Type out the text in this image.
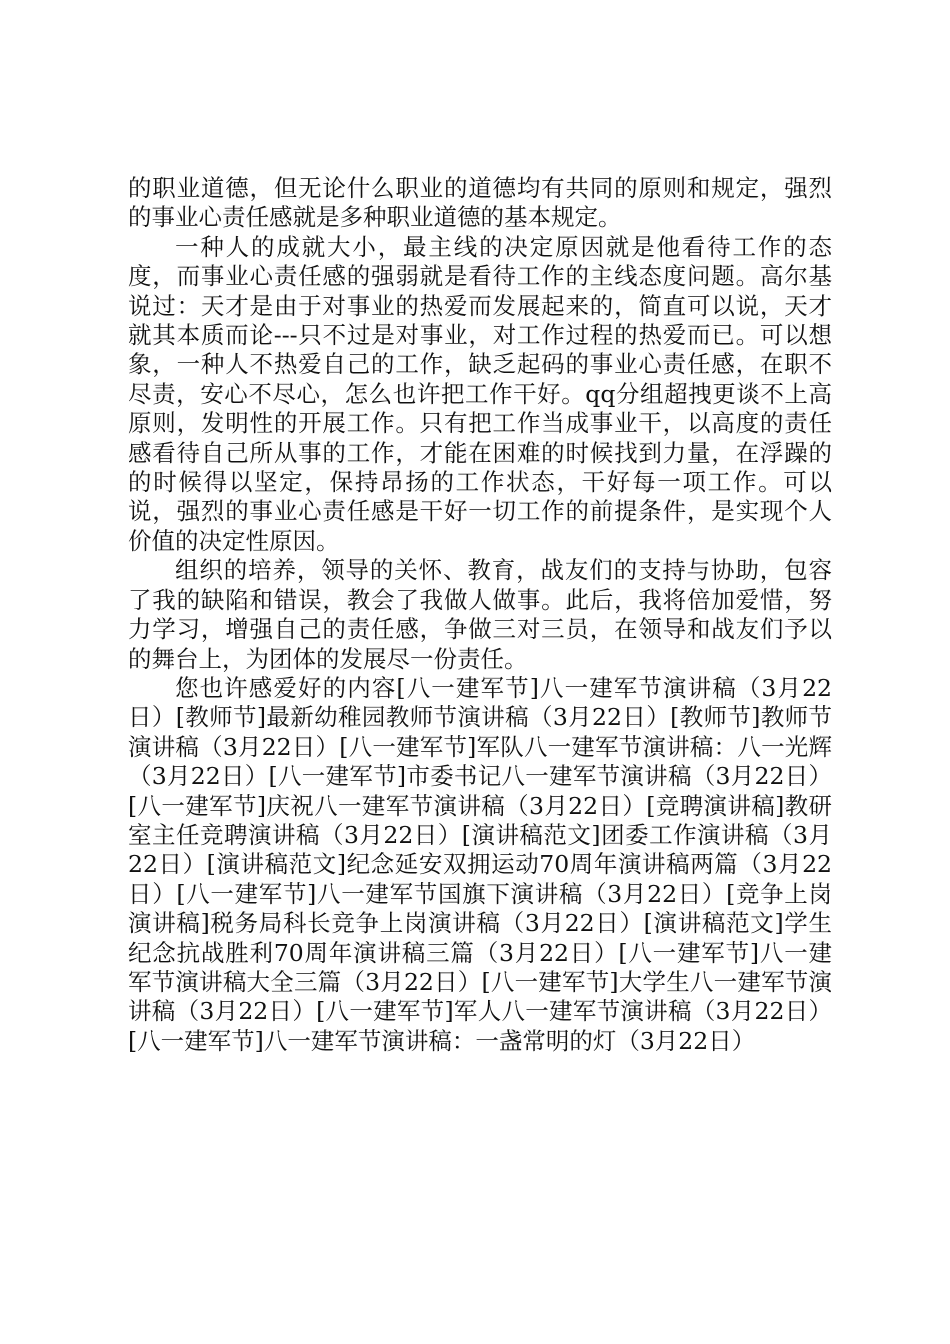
的职业道德，但无论什么职业的道德均有共同的原则和规定，强烈的事业心责任感就是多种职业道德的基本规定。

一种人的成就大小，最主线的决定原因就是他看待工作的态度，而事业心责任感的强弱就是看待工作的主线态度问题。高尔基说过：天才是由于对事业的热爱而发展起来的，简直可以说，天才就其本质而论---只不过是对事业，对工作过程的热爱而已。可以想象，一种人不热爱自己的工作，缺乏起码的事业心责任感，在职不尽责，安心不尽心，怎么也许把工作干好。qq分组超拽更谈不上高原则，发明性的开展工作。只有把工作当成事业干，以高度的责任感看待自己所从事的工作，才能在困难的时候找到力量，在浮躁的的时候得以坚定，保持昂扬的工作状态，干好每一项工作。可以说，强烈的事业心责任感是干好一切工作的前提条件，是实现个人价值的决定性原因。

组织的培养，领导的关怀、教育，战友们的支持与协助，包容了我的缺陷和错误，教会了我做人做事。此后，我将倍加爱惜，努力学习，增强自己的责任感，争做三对三员，在领导和战友们予以的舞台上，为团体的发展尽一份责任。

您也许感爱好的内容[八一建军节]八一建军节演讲稿（3月22日）[教师节]最新幼稚园教师节演讲稿（3月22日）[教师节]教师节演讲稿（3月22日）[八一建军节]军队八一建军节演讲稿：八一光辉（3月22日）[八一建军节]市委书记八一建军节演讲稿（3月22日）[八一建军节]庆祝八一建军节演讲稿（3月22日）[竞聘演讲稿]教研室主任竞聘演讲稿（3月22日）[演讲稿范文]团委工作演讲稿（3月22日）[演讲稿范文]纪念延安双拥运动70周年演讲稿两篇（3月22日）[八一建军节]八一建军节国旗下演讲稿（3月22日）[竞争上岗演讲稿]税务局科长竞争上岗演讲稿（3月22日）[演讲稿范文]学生纪念抗战胜利70周年演讲稿三篇（3月22日）[八一建军节]八一建军节演讲稿大全三篇（3月22日）[八一建军节]大学生八一建军节演讲稿（3月22日）[八一建军节]军人八一建军节演讲稿（3月22日）[八一建军节]八一建军节演讲稿：一盏常明的灯（3月22日）
